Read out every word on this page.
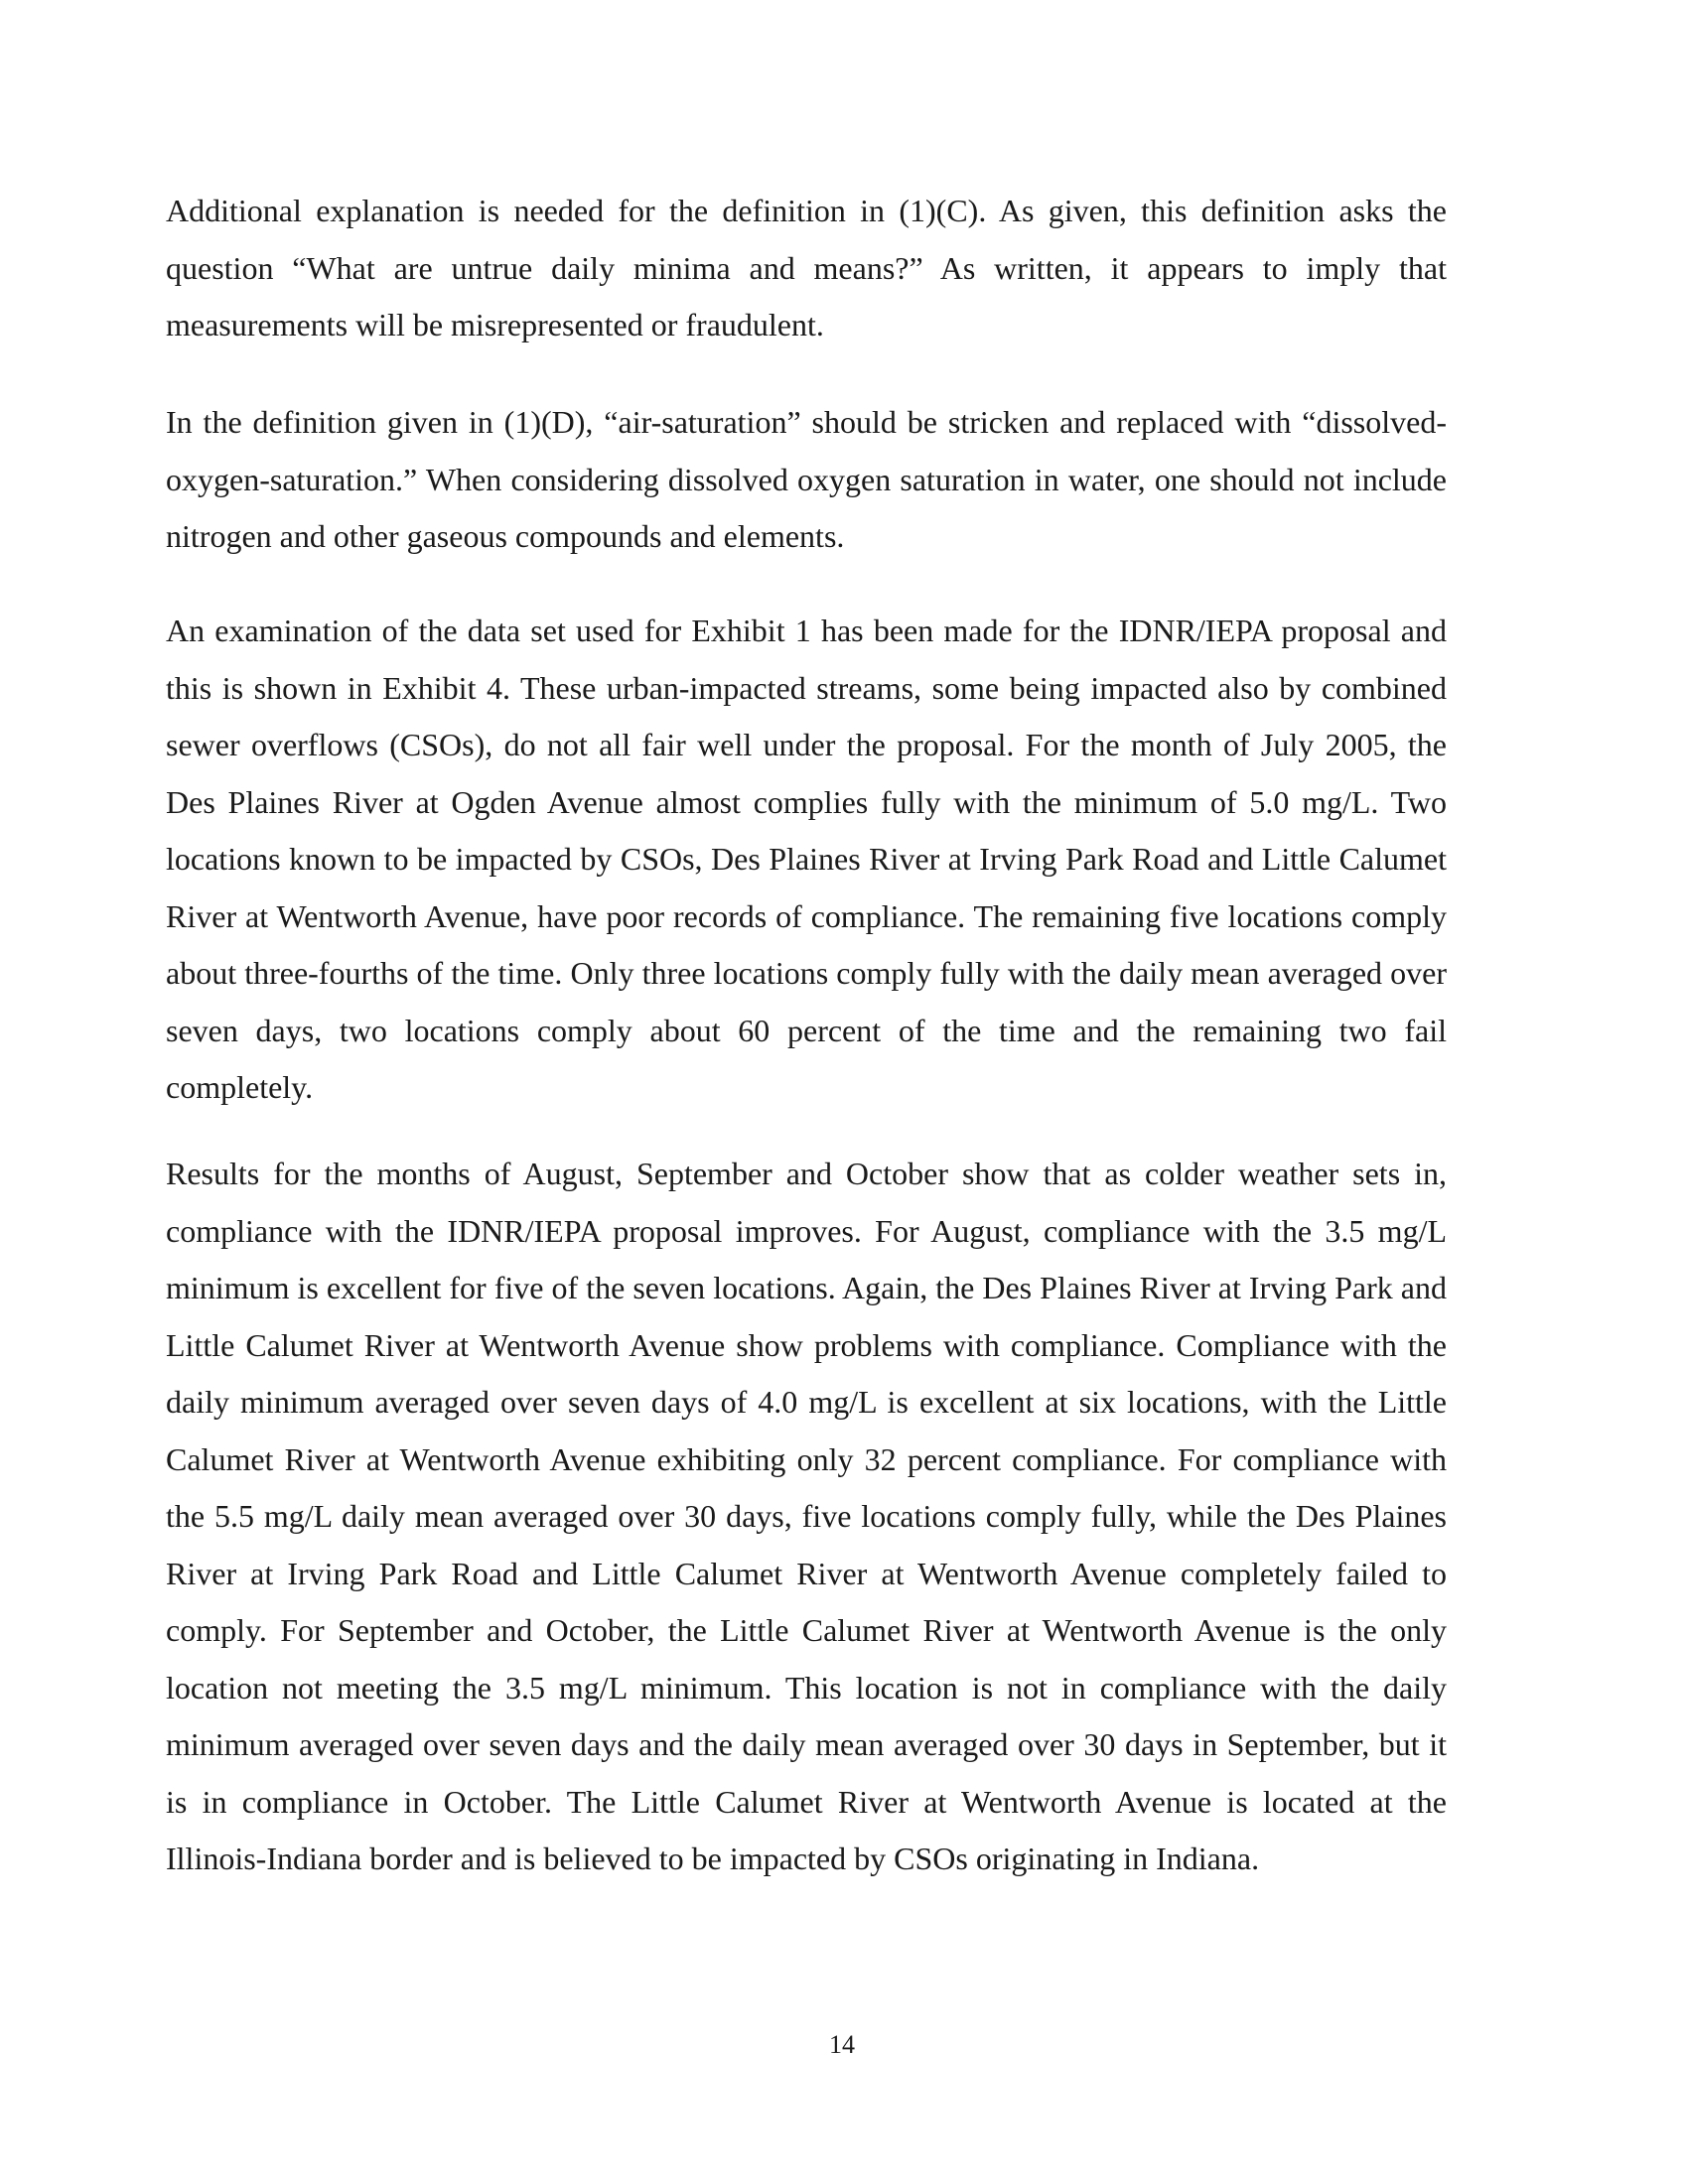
Additional explanation is needed for the definition in (1)(C). As given, this definition asks the question “What are untrue daily minima and means?” As written, it appears to imply that measurements will be misrepresented or fraudulent.

In the definition given in (1)(D), “air-saturation” should be stricken and replaced with “dissolved-oxygen-saturation.” When considering dissolved oxygen saturation in water, one should not include nitrogen and other gaseous compounds and elements.

An examination of the data set used for Exhibit 1 has been made for the IDNR/IEPA proposal and this is shown in Exhibit 4. These urban-impacted streams, some being impacted also by combined sewer overflows (CSOs), do not all fair well under the proposal. For the month of July 2005, the Des Plaines River at Ogden Avenue almost complies fully with the minimum of 5.0 mg/L. Two locations known to be impacted by CSOs, Des Plaines River at Irving Park Road and Little Calumet River at Wentworth Avenue, have poor records of compliance. The remaining five locations comply about three-fourths of the time. Only three locations comply fully with the daily mean averaged over seven days, two locations comply about 60 percent of the time and the remaining two fail completely.

Results for the months of August, September and October show that as colder weather sets in, compliance with the IDNR/IEPA proposal improves. For August, compliance with the 3.5 mg/L minimum is excellent for five of the seven locations. Again, the Des Plaines River at Irving Park and Little Calumet River at Wentworth Avenue show problems with compliance. Compliance with the daily minimum averaged over seven days of 4.0 mg/L is excellent at six locations, with the Little Calumet River at Wentworth Avenue exhibiting only 32 percent compliance. For compliance with the 5.5 mg/L daily mean averaged over 30 days, five locations comply fully, while the Des Plaines River at Irving Park Road and Little Calumet River at Wentworth Avenue completely failed to comply. For September and October, the Little Calumet River at Wentworth Avenue is the only location not meeting the 3.5 mg/L minimum. This location is not in compliance with the daily minimum averaged over seven days and the daily mean averaged over 30 days in September, but it is in compliance in October. The Little Calumet River at Wentworth Avenue is located at the Illinois-Indiana border and is believed to be impacted by CSOs originating in Indiana.

14
